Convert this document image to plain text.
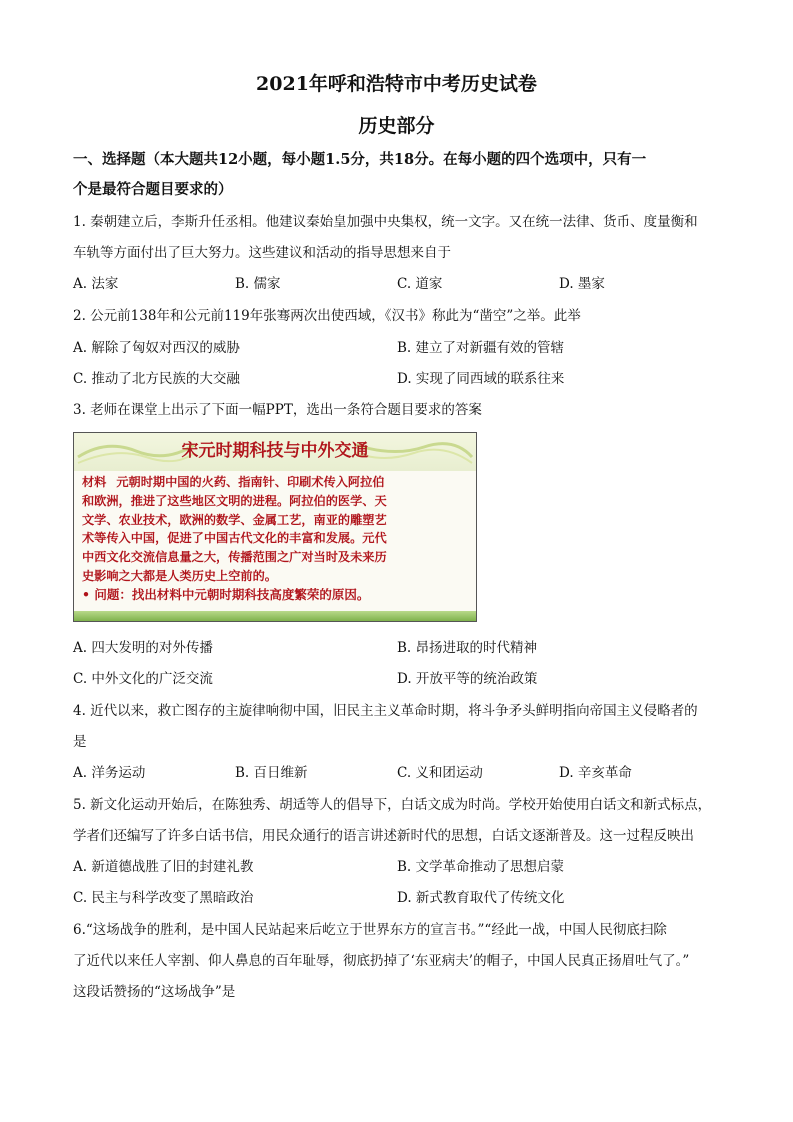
2021年呼和浩特市中考历史试卷
历史部分
一、选择题（本大题共12小题，每小题1.5分，共18分。在每小题的四个选项中，只有一
个是最符合题目要求的）
1. 秦朝建立后，李斯升任丞相。他建议秦始皇加强中央集权，统一文字。又在统一法律、货币、度量衡和
车轨等方面付出了巨大努力。这些建议和活动的指导思想来自于
A. 法家	B. 儒家	C. 道家	D. 墨家
2. 公元前138年和公元前119年张骞两次出使西域，《汉书》称此为“凿空”之举。此举
A. 解除了匈奴对西汉的威胁	B. 建立了对新疆有效的管辖
C. 推动了北方民族的大交融	D. 实现了同西域的联系往来
3. 老师在课堂上出示了下面一幅PPT，选出一条符合题目要求的答案
宋元时期科技与中外交通
材料 元朝时期中国的火药、指南针、印刷术传入阿拉伯
和欧洲，推进了这些地区文明的进程。阿拉伯的医学、天
文学、农业技术，欧洲的数学、金属工艺，南亚的雕塑艺
术等传入中国，促进了中国古代文化的丰富和发展。元代
中西文化交流信息量之大，传播范围之广对当时及未来历
史影响之大都是人类历史上空前的。
• 问题：找出材料中元朝时期科技高度繁荣的原因。
A. 四大发明的对外传播	B. 昂扬进取的时代精神
C. 中外文化的广泛交流	D. 开放平等的统治政策
4. 近代以来，救亡图存的主旋律响彻中国，旧民主主义革命时期，将斗争矛头鲜明指向帝国主义侵略者的
是
A. 洋务运动	B. 百日维新	C. 义和团运动	D. 辛亥革命
5. 新文化运动开始后，在陈独秀、胡适等人的倡导下，白话文成为时尚。学校开始使用白话文和新式标点，
学者们还编写了许多白话书信，用民众通行的语言讲述新时代的思想，白话文逐渐普及。这一过程反映出
A. 新道德战胜了旧的封建礼教	B. 文学革命推动了思想启蒙
C. 民主与科学改变了黑暗政治	D. 新式教育取代了传统文化
6.“这场战争的胜利，是中国人民站起来后屹立于世界东方的宣言书。”“经此一战，中国人民彻底扫除
了近代以来任人宰割、仰人鼻息的百年耻辱，彻底扔掉了‘东亚病夫’的帽子，中国人民真正扬眉吐气了。”
这段话赞扬的“这场战争”是
